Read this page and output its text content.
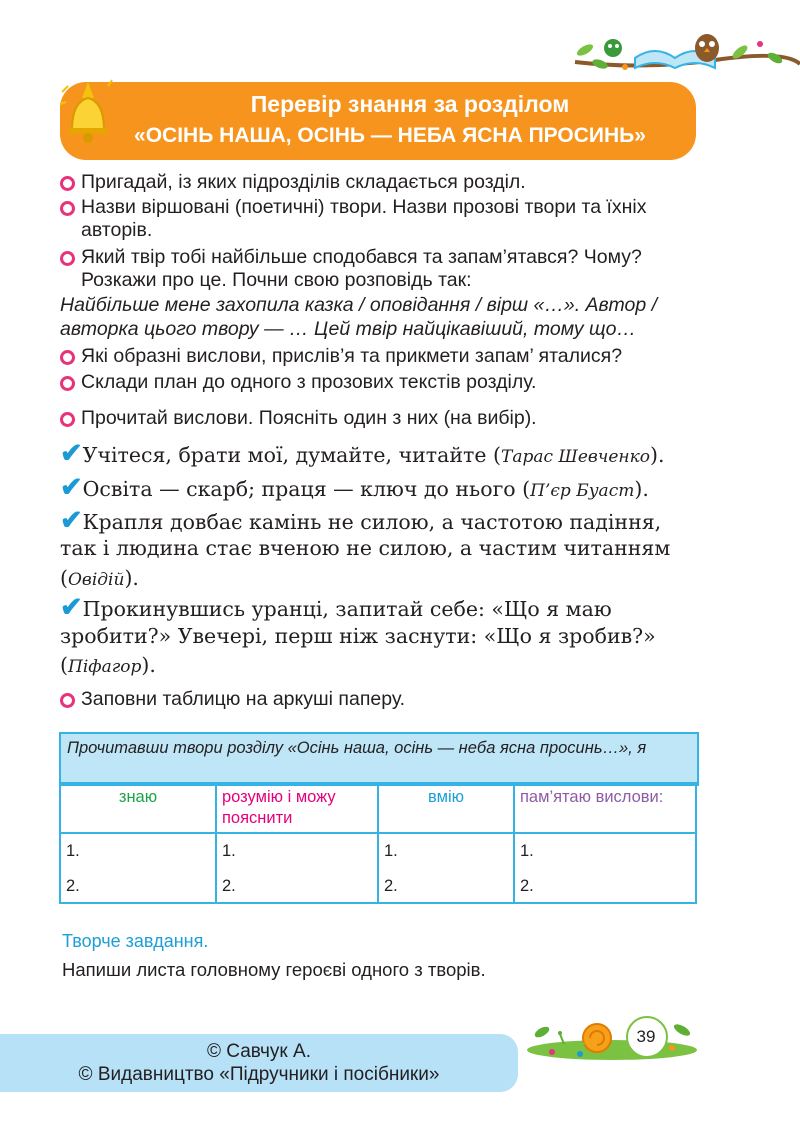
Перевір знання за розділом
«ОСІНЬ НАША, ОСІНЬ — НЕБА ЯСНА ПРОСИНЬ»
Пригадай, із яких підрозділів складається розділ.
Назви віршовані (поетичні) твори. Назви прозові твори та їхніх
авторів.
Який твір тобі найбільше сподобався та запам’ятався? Чому?
Розкажи про це. Почни свою розповідь так:
Найбільше мене захопила казка / оповідання / вірш «…». Автор /
авторка цього твору — … Цей твір найцікавіший, тому що…
Які образні вислови, прислів’я та прикмети запам’ яталися?
Склади план до одного з прозових текстів розділу.
Прочитай вислови. Поясніть один з них (на вибір).
✔Учітеся, брати мої, думайте, читайте (Тарас Шевченко).
✔Освіта — скарб; праця — ключ до нього (П’єр Буаст).
✔Крапля довбає камінь не силою, а частотою падіння,
так і людина стає вченою не силою, а частим читанням
(Овідій).
✔Прокинувшись уранці, запитай себе: «Що я маю
зробити?» Увечері, перш ніж заснути: «Що я зробив?»
(Піфагор).
Заповни таблицю на аркуші паперу.
Прочитавши твори розділу «Осінь наша, осінь — неба ясна просинь…», я
знаю	розумію і можу пояснити
вмію	пам’ятаю вислови:
1.
2.
1.
2.
1.
2.
1.
2.
Творче завдання.
Напиши листа головному героєві одного з творів.
© Савчук А.
© Видавництво «Підручники і посібники»
39
